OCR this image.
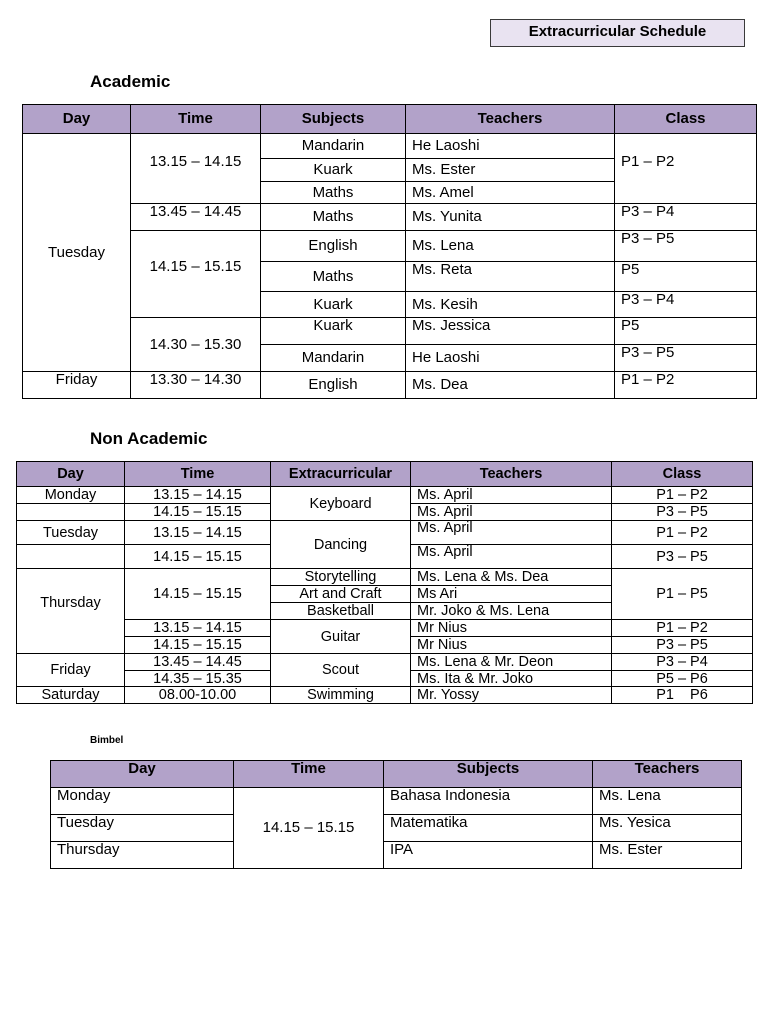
Extracurricular Schedule
Academic
Day	Time	Subjects	Teachers	Class
Tuesday	13.15 – 14.15	Mandarin	He Laoshi	P1 – P2
		Kuark	Ms. Ester	
		Maths	Ms. Amel	
	13.45 – 14.45	Maths	Ms. Yunita	P3 – P4
	14.15 – 15.15	English	Ms. Lena	P3 – P5
		Maths	Ms. Reta	P5
		Kuark	Ms. Kesih	P3 – P4
	14.30 – 15.30	Kuark	Ms. Jessica	P5
		Mandarin	He Laoshi	P3 – P5
Friday	13.30 – 14.30	English	Ms. Dea	P1 – P2
Non Academic
Day	Time	Extracurricular	Teachers	Class
Monday	13.15 – 14.15	Keyboard	Ms. April	P1 – P2
	14.15 – 15.15		Ms. April	P3 – P5
Tuesday	13.15 – 14.15	Dancing	Ms. April	P1 – P2
	14.15 – 15.15		Ms. April	P3 – P5
Thursday	14.15 – 15.15	Storytelling	Ms. Lena & Ms. Dea	P1 – P5
		Art and Craft	Ms Ari	
		Basketball	Mr. Joko & Ms. Lena	
	13.15 – 14.15	Guitar	Mr Nius	P1 – P2
	14.15 – 15.15		Mr Nius	P3 – P5
Friday	13.45 – 14.45	Scout	Ms. Lena & Mr. Deon	P3 – P4
	14.35 – 15.35		Ms. Ita & Mr. Joko	P5 – P6
Saturday	08.00-10.00	Swimming	Mr. Yossy	P1    P6
Bimbel
Day	Time	Subjects	Teachers
Monday	14.15 – 15.15	Bahasa Indonesia	Ms. Lena
Tuesday		Matematika	Ms. Yesica
Thursday		IPA	Ms. Ester
